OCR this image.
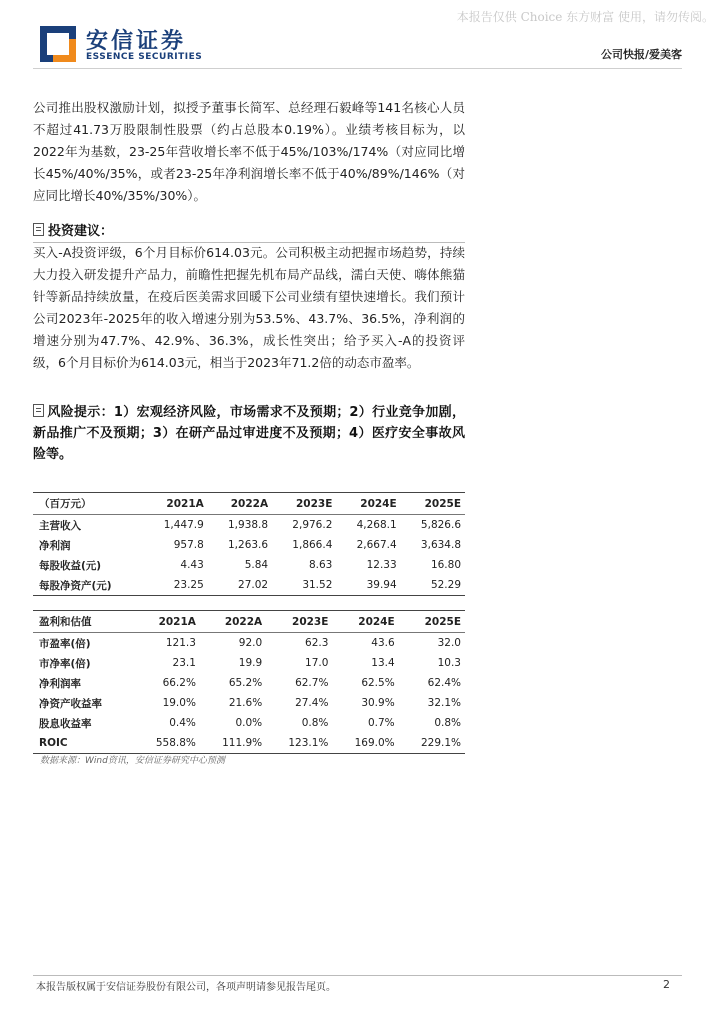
本报告仅供 Choice 东方财富 使用，请勿传阅。
安信证券
ESSENCE SECURITIES	公司快报/爱美客

公司推出股权激励计划，拟授予董事长简军、总经理石毅峰等141名核心人员不超过41.73万股限制性股票（约占总股本0.19%）。业绩考核目标为，以2022年为基数，23-25年营收增长率不低于45%/103%/174%（对应同比增长45%/40%/35%，或者23-25年净利润增长率不低于40%/89%/146%（对应同比增长40%/35%/30%）。

投资建议：

买入-A投资评级，6个月目标价614.03元。公司积极主动把握市场趋势，持续大力投入研发提升产品力，前瞻性把握先机布局产品线，濡白天使、嗨体熊猫针等新品持续放量，在疫后医美需求回暖下公司业绩有望快速增长。我们预计公司2023年-2025年的收入增速分别为53.5%、43.7%、36.5%，净利润的增速分别为47.7%、42.9%、36.3%，成长性突出；给予买入-A的投资评级，6个月目标价为614.03元，相当于2023年71.2倍的动态市盈率。

风险提示：1）宏观经济风险，市场需求不及预期；2）行业竞争加剧，新品推广不及预期；3）在研产品过审进度不及预期；4）医疗安全事故风险等。

（百万元）	2021A	2022A	2023E	2024E	2025E
主营收入	1,447.9	1,938.8	2,976.2	4,268.1	5,826.6
净利润	957.8	1,263.6	1,866.4	2,667.4	3,634.8
每股收益(元)	4.43	5.84	8.63	12.33	16.80
每股净资产(元)	23.25	27.02	31.52	39.94	52.29
盈利和估值	2021A	2022A	2023E	2024E	2025E
市盈率(倍)	121.3	92.0	62.3	43.6	32.0
市净率(倍)	23.1	19.9	17.0	13.4	10.3
净利润率	66.2%	65.2%	62.7%	62.5%	62.4%
净资产收益率	19.0%	21.6%	27.4%	30.9%	32.1%
股息收益率	0.4%	0.0%	0.8%	0.7%	0.8%
ROIC	558.8%	111.9%	123.1%	169.0%	229.1%
数据来源：Wind资讯，安信证券研究中心预测
本报告版权属于安信证券股份有限公司，各项声明请参见报告尾页。	2
